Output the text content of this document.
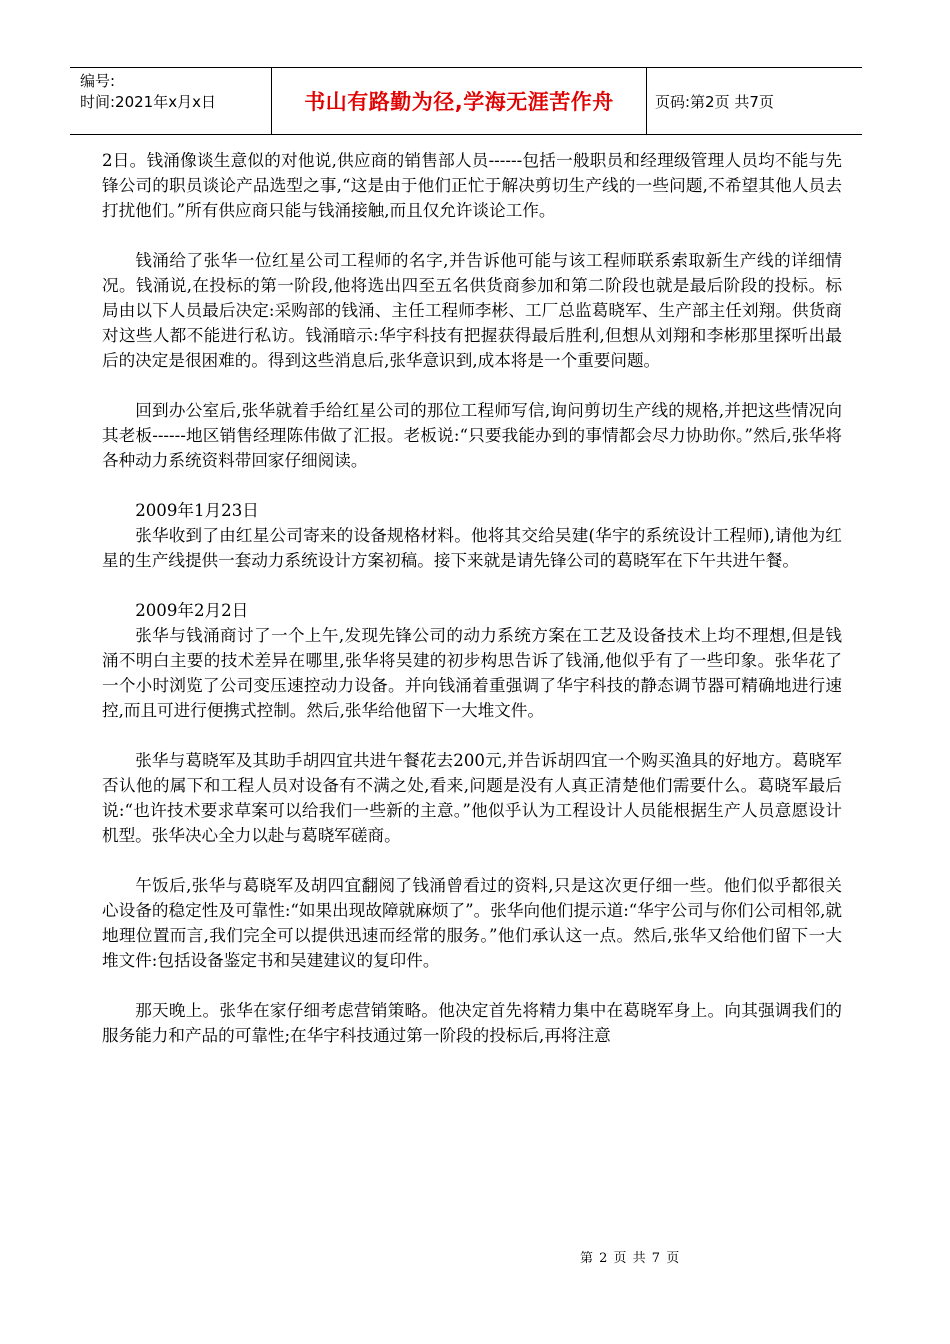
编号:
时间:2021年x月x日	书山有路勤为径,学海无涯苦作舟	页码:第2页 共7页

2日。钱涌像谈生意似的对他说,供应商的销售部人员------包括一般职员和经理级管理人员均不能与先锋公司的职员谈论产品选型之事,“这是由于他们正忙于解决剪切生产线的一些问题,不希望其他人员去打扰他们。”所有供应商只能与钱涌接触,而且仅允许谈论工作。

钱涌给了张华一位红星公司工程师的名字,并告诉他可能与该工程师联系索取新生产线的详细情况。钱涌说,在投标的第一阶段,他将选出四至五名供货商参加和第二阶段也就是最后阶段的投标。标局由以下人员最后决定:采购部的钱涌、主任工程师李彬、工厂总监葛晓军、生产部主任刘翔。供货商对这些人都不能进行私访。钱涌暗示:华宇科技有把握获得最后胜利,但想从刘翔和李彬那里探听出最后的决定是很困难的。得到这些消息后,张华意识到,成本将是一个重要问题。

回到办公室后,张华就着手给红星公司的那位工程师写信,询问剪切生产线的规格,并把这些情况向其老板------地区销售经理陈伟做了汇报。老板说:“只要我能办到的事情都会尽力协助你。”然后,张华将各种动力系统资料带回家仔细阅读。

2009年1月23日
张华收到了由红星公司寄来的设备规格材料。他将其交给吴建(华宇的系统设计工程师),请他为红星的生产线提供一套动力系统设计方案初稿。接下来就是请先锋公司的葛晓军在下午共进午餐。

2009年2月2日
张华与钱涌商讨了一个上午,发现先锋公司的动力系统方案在工艺及设备技术上均不理想,但是钱涌不明白主要的技术差异在哪里,张华将吴建的初步构思告诉了钱涌,他似乎有了一些印象。张华花了一个小时浏览了公司变压速控动力设备。并向钱涌着重强调了华宇科技的静态调节器可精确地进行速控,而且可进行便携式控制。然后,张华给他留下一大堆文件。

张华与葛晓军及其助手胡四宜共进午餐花去200元,并告诉胡四宜一个购买渔具的好地方。葛晓军否认他的属下和工程人员对设备有不满之处,看来,问题是没有人真正清楚他们需要什么。葛晓军最后说:“也许技术要求草案可以给我们一些新的主意。”他似乎认为工程设计人员能根据生产人员意愿设计机型。张华决心全力以赴与葛晓军磋商。

午饭后,张华与葛晓军及胡四宜翻阅了钱涌曾看过的资料,只是这次更仔细一些。他们似乎都很关心设备的稳定性及可靠性:“如果出现故障就麻烦了”。张华向他们提示道:“华宇公司与你们公司相邻,就地理位置而言,我们完全可以提供迅速而经常的服务。”他们承认这一点。然后,张华又给他们留下一大堆文件:包括设备鉴定书和吴建建议的复印件。

那天晚上。张华在家仔细考虑营销策略。他决定首先将精力集中在葛晓军身上。向其强调我们的服务能力和产品的可靠性;在华宇科技通过第一阶段的投标后,再将注意

第 2 页 共 7 页
